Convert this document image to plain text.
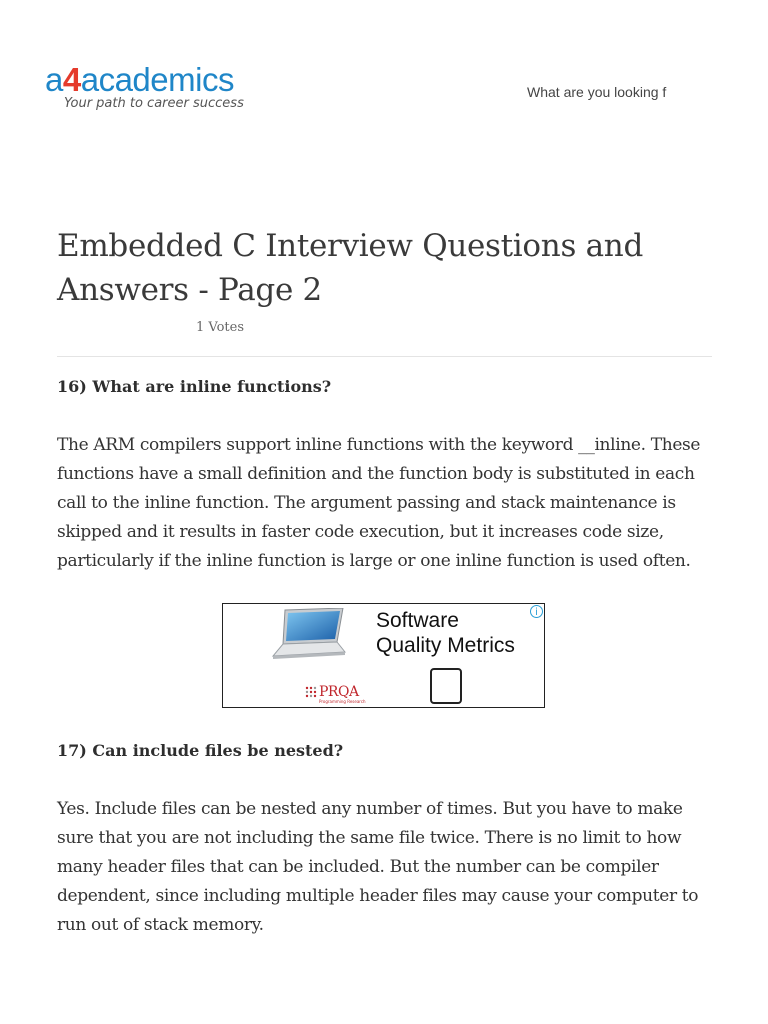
a4academics
Your path to career success
What are you looking f
Embedded C Interview Questions and Answers - Page 2
1 Votes
16) What are inline functions?

The ARM compilers support inline functions with the keyword __inline. These functions have a small definition and the function body is substituted in each call to the inline function. The argument passing and stack maintenance is skipped and it results in faster code execution, but it increases code size, particularly if the inline function is large or one inline function is used often.

Software
Quality Metrics
i
PRQA
Programming Research
17) Can include files be nested?

Yes. Include files can be nested any number of times. But you have to make sure that you are not including the same file twice. There is no limit to how many header files that can be included. But the number can be compiler dependent, since including multiple header files may cause your computer to run out of stack memory.
